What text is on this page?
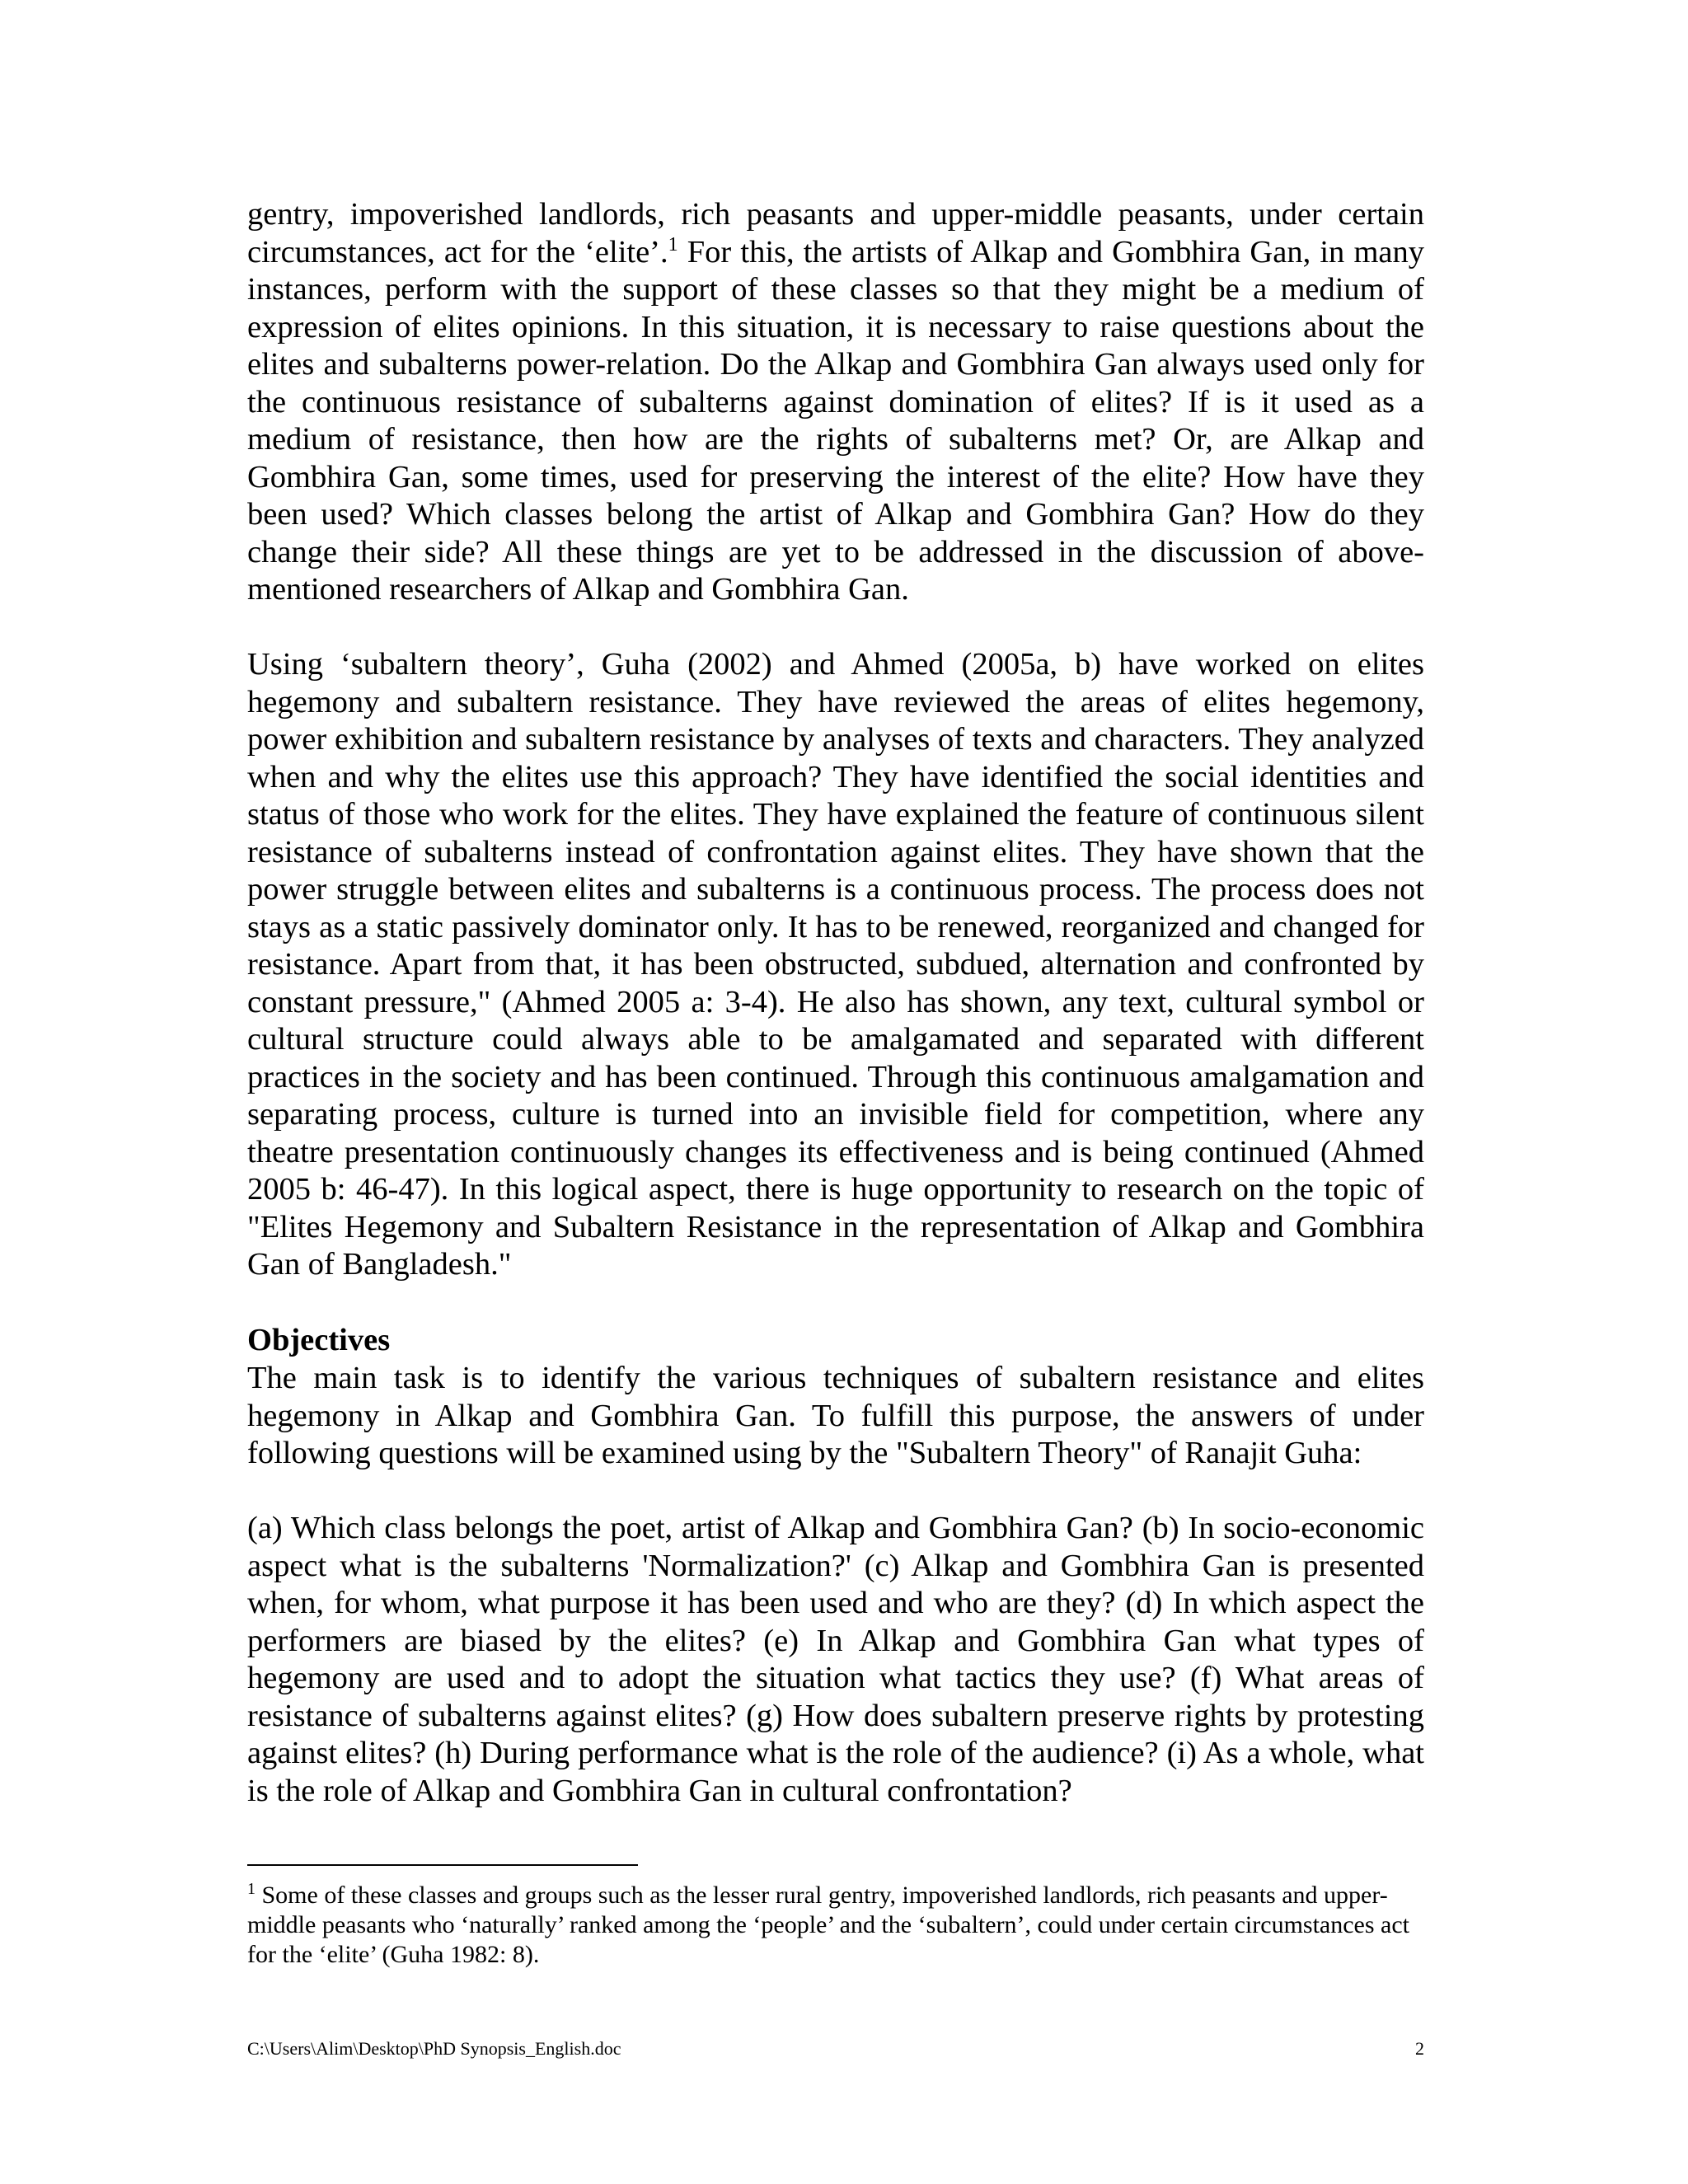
gentry, impoverished landlords, rich peasants and upper-middle peasants, under certain circumstances, act for the ‘elite’.$^1$ For this, the artists of Alkap and Gombhira Gan, in many instances, perform with the support of these classes so that they might be a medium of expression of elites opinions. In this situation, it is necessary to raise questions about the elites and subalterns power-relation. Do the Alkap and Gombhira Gan always used only for the continuous resistance of subalterns against domination of elites? If is it used as a medium of resistance, then how are the rights of subalterns met? Or, are Alkap and Gombhira Gan, some times, used for preserving the interest of the elite? How have they been used? Which classes belong the artist of Alkap and Gombhira Gan? How do they change their side? All these things are yet to be addressed in the discussion of above-mentioned researchers of Alkap and Gombhira Gan.

Using ‘subaltern theory’, Guha (2002) and Ahmed (2005a, b) have worked on elites hegemony and subaltern resistance. They have reviewed the areas of elites hegemony, power exhibition and subaltern resistance by analyses of texts and characters. They analyzed when and why the elites use this approach? They have identified the social identities and status of those who work for the elites. They have explained the feature of continuous silent resistance of subalterns instead of confrontation against elites. They have shown that the power struggle between elites and subalterns is a continuous process. The process does not stays as a static passively dominator only. It has to be renewed, reorganized and changed for resistance. Apart from that, it has been obstructed, subdued, alternation and confronted by constant pressure," (Ahmed 2005 a: 3-4). He also has shown, any text, cultural symbol or cultural structure could always able to be amalgamated and separated with different practices in the society and has been continued. Through this continuous amalgamation and separating process, culture is turned into an invisible field for competition, where any theatre presentation continuously changes its effectiveness and is being continued (Ahmed 2005 b: 46-47). In this logical aspect, there is huge opportunity to research on the topic of "Elites Hegemony and Subaltern Resistance in the representation of Alkap and Gombhira Gan of Bangladesh."

Objectives

The main task is to identify the various techniques of subaltern resistance and elites hegemony in Alkap and Gombhira Gan. To fulfill this purpose, the answers of under following questions will be examined using by the "Subaltern Theory" of Ranajit Guha:

(a) Which class belongs the poet, artist of Alkap and Gombhira Gan? (b) In socio-economic aspect what is the subalterns 'Normalization?' (c) Alkap and Gombhira Gan is presented when, for whom, what purpose it has been used and who are they? (d) In which aspect the performers are biased by the elites? (e) In Alkap and Gombhira Gan what types of hegemony are used and to adopt the situation what tactics they use? (f) What areas of resistance of subalterns against elites? (g) How does subaltern preserve rights by protesting against elites? (h) During performance what is the role of the audience? (i) As a whole, what is the role of Alkap and Gombhira Gan in cultural confrontation?

$^1$ Some of these classes and groups such as the lesser rural gentry, impoverished landlords, rich peasants and upper-middle peasants who ‘naturally’ ranked among the ‘people’ and the ‘subaltern’, could under certain circumstances act for the ‘elite’ (Guha 1982: 8).

C:\Users\Alim\Desktop\PhD Synopsis_English.doc	2
